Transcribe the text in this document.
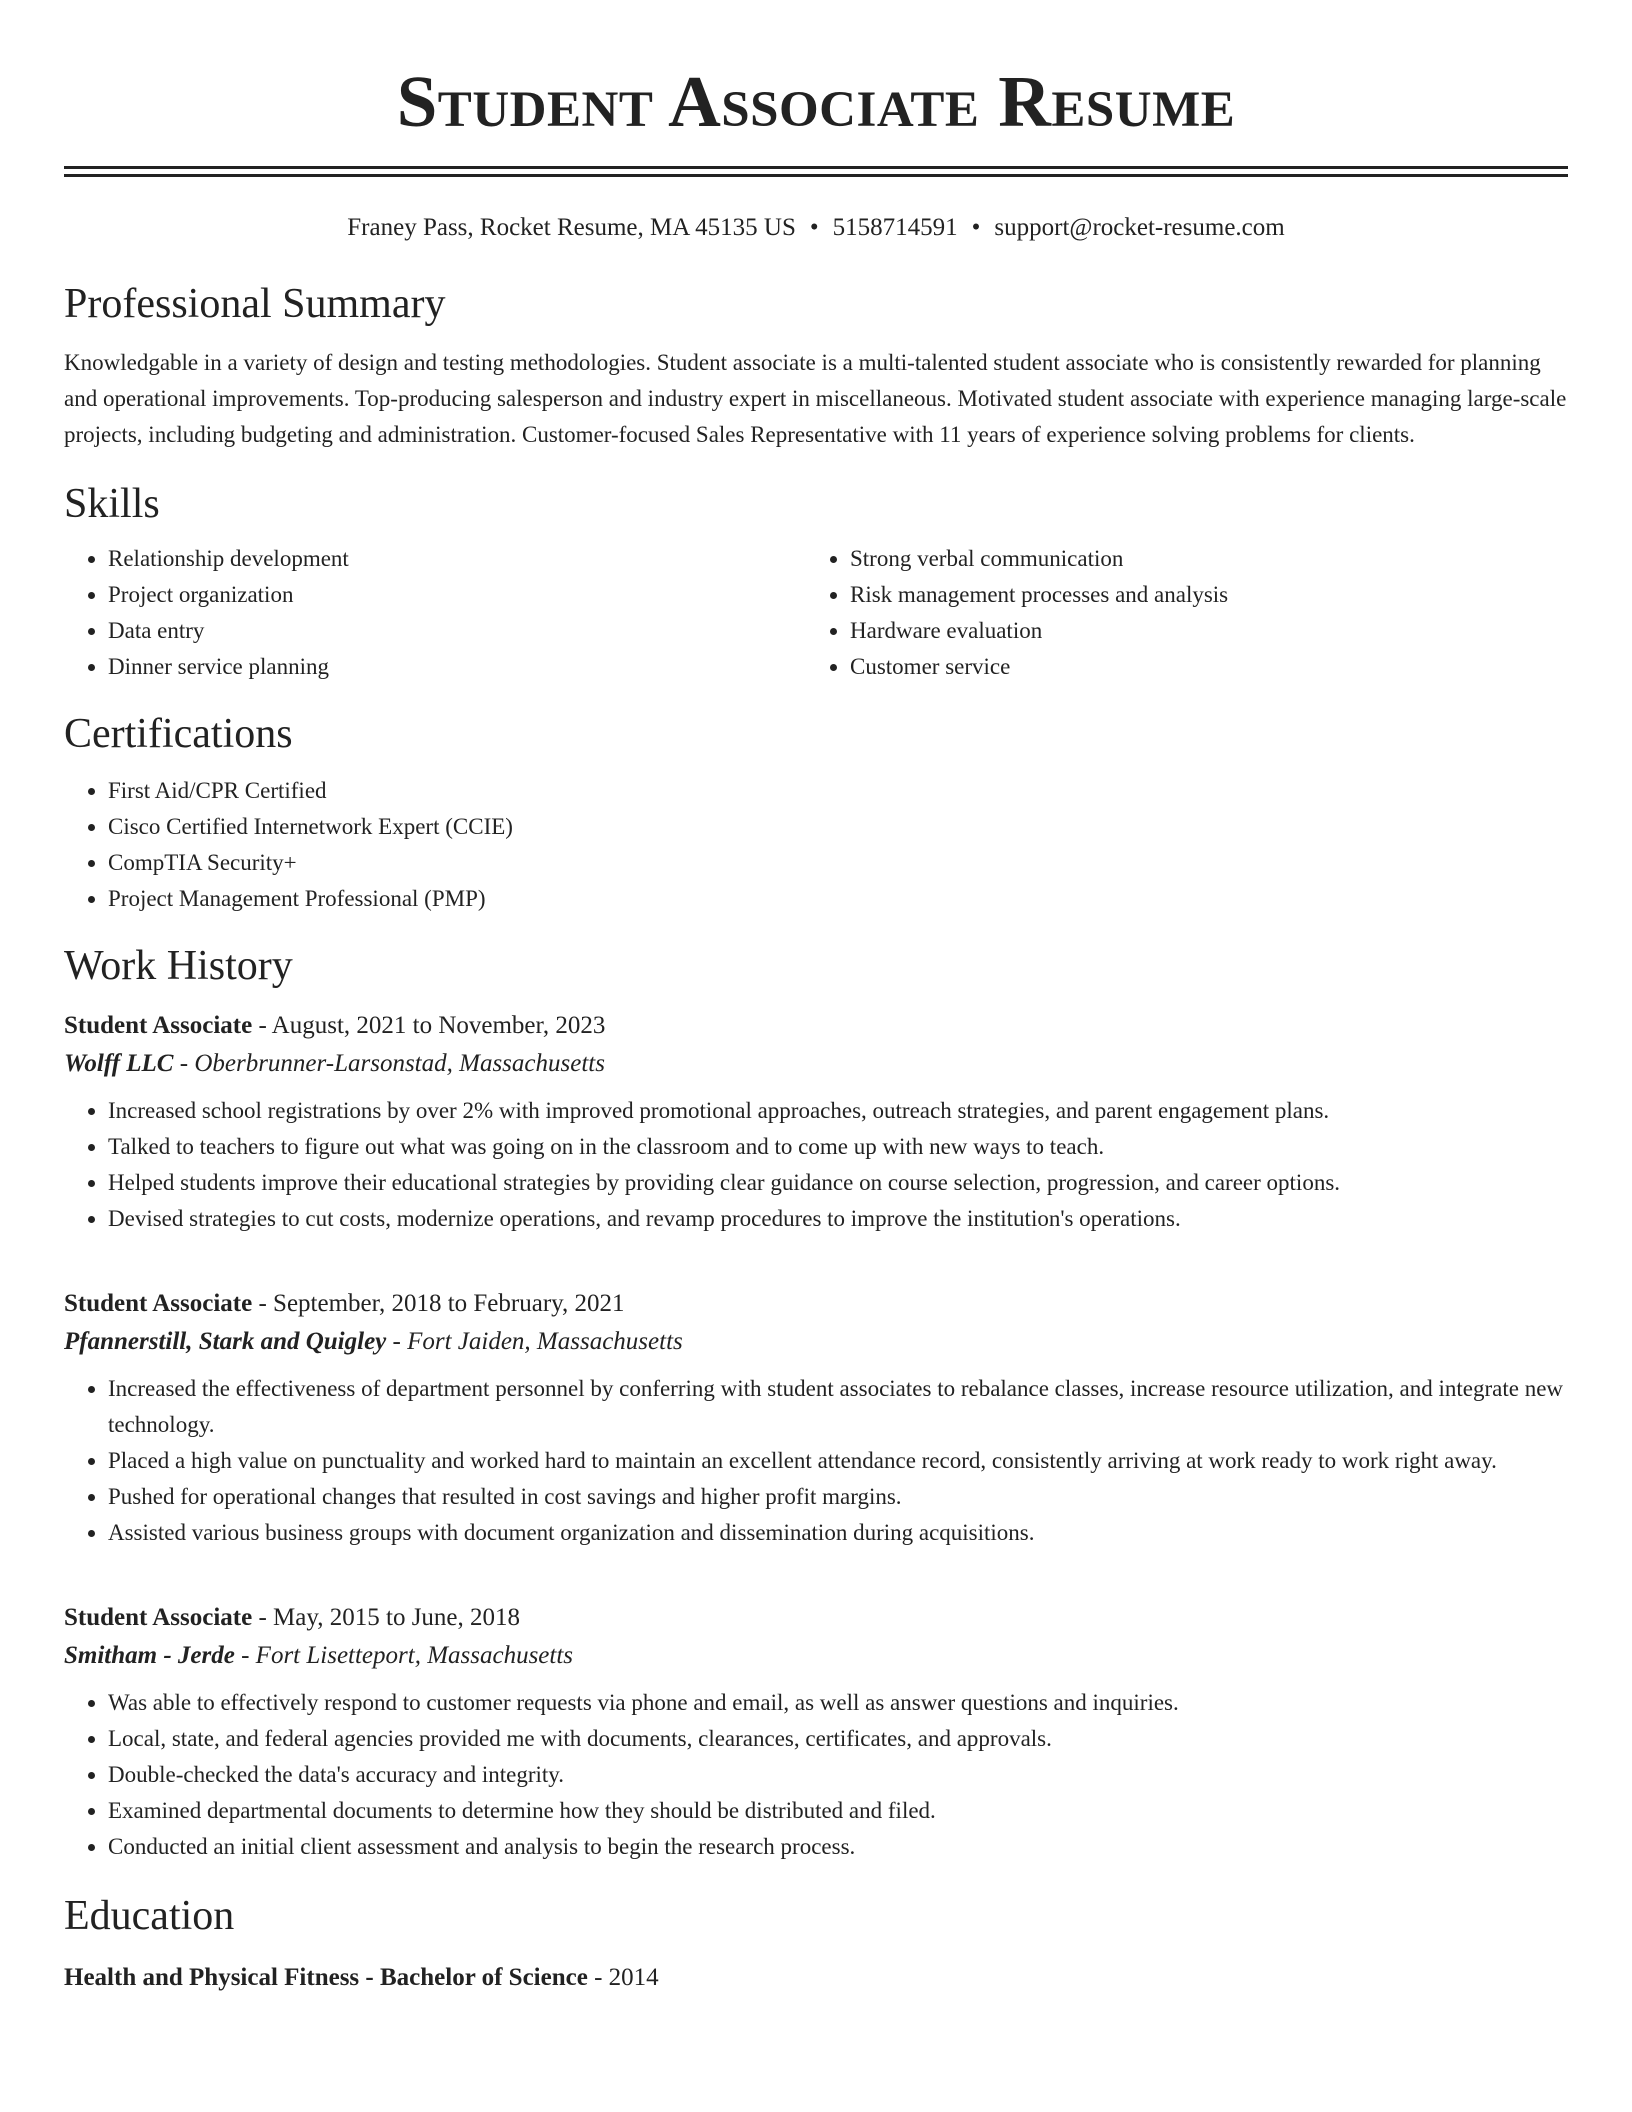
Student Associate Resume
Franey Pass, Rocket Resume, MA 45135 US • 5158714591 • support@rocket-resume.com
Professional Summary

Knowledgable in a variety of design and testing methodologies. Student associate is a multi-talented student associate who is consistently rewarded for planning and operational improvements. Top-producing salesperson and industry expert in miscellaneous. Motivated student associate with experience managing large-scale projects, including budgeting and administration. Customer-focused Sales Representative with 11 years of experience solving problems for clients.

Skills
• Relationship development
• Project organization
• Data entry
• Dinner service planning
• Strong verbal communication
• Risk management processes and analysis
• Hardware evaluation
• Customer service
Certifications
• First Aid/CPR Certified
• Cisco Certified Internetwork Expert (CCIE)
• CompTIA Security+
• Project Management Professional (PMP)
Work History
Student Associate - August, 2021 to November, 2023
Wolff LLC - Oberbrunner-Larsonstad, Massachusetts
• Increased school registrations by over 2% with improved promotional approaches, outreach strategies, and parent engagement plans.
• Talked to teachers to figure out what was going on in the classroom and to come up with new ways to teach.
• Helped students improve their educational strategies by providing clear guidance on course selection, progression, and career options.
• Devised strategies to cut costs, modernize operations, and revamp procedures to improve the institution's operations.
Student Associate - September, 2018 to February, 2021
Pfannerstill, Stark and Quigley - Fort Jaiden, Massachusetts
• Increased the effectiveness of department personnel by conferring with student associates to rebalance classes, increase resource utilization, and integrate new technology.
• Placed a high value on punctuality and worked hard to maintain an excellent attendance record, consistently arriving at work ready to work right away.
• Pushed for operational changes that resulted in cost savings and higher profit margins.
• Assisted various business groups with document organization and dissemination during acquisitions.
Student Associate - May, 2015 to June, 2018
Smitham - Jerde - Fort Lisetteport, Massachusetts
• Was able to effectively respond to customer requests via phone and email, as well as answer questions and inquiries.
• Local, state, and federal agencies provided me with documents, clearances, certificates, and approvals.
• Double-checked the data's accuracy and integrity.
• Examined departmental documents to determine how they should be distributed and filed.
• Conducted an initial client assessment and analysis to begin the research process.
Education
Health and Physical Fitness - Bachelor of Science - 2014
